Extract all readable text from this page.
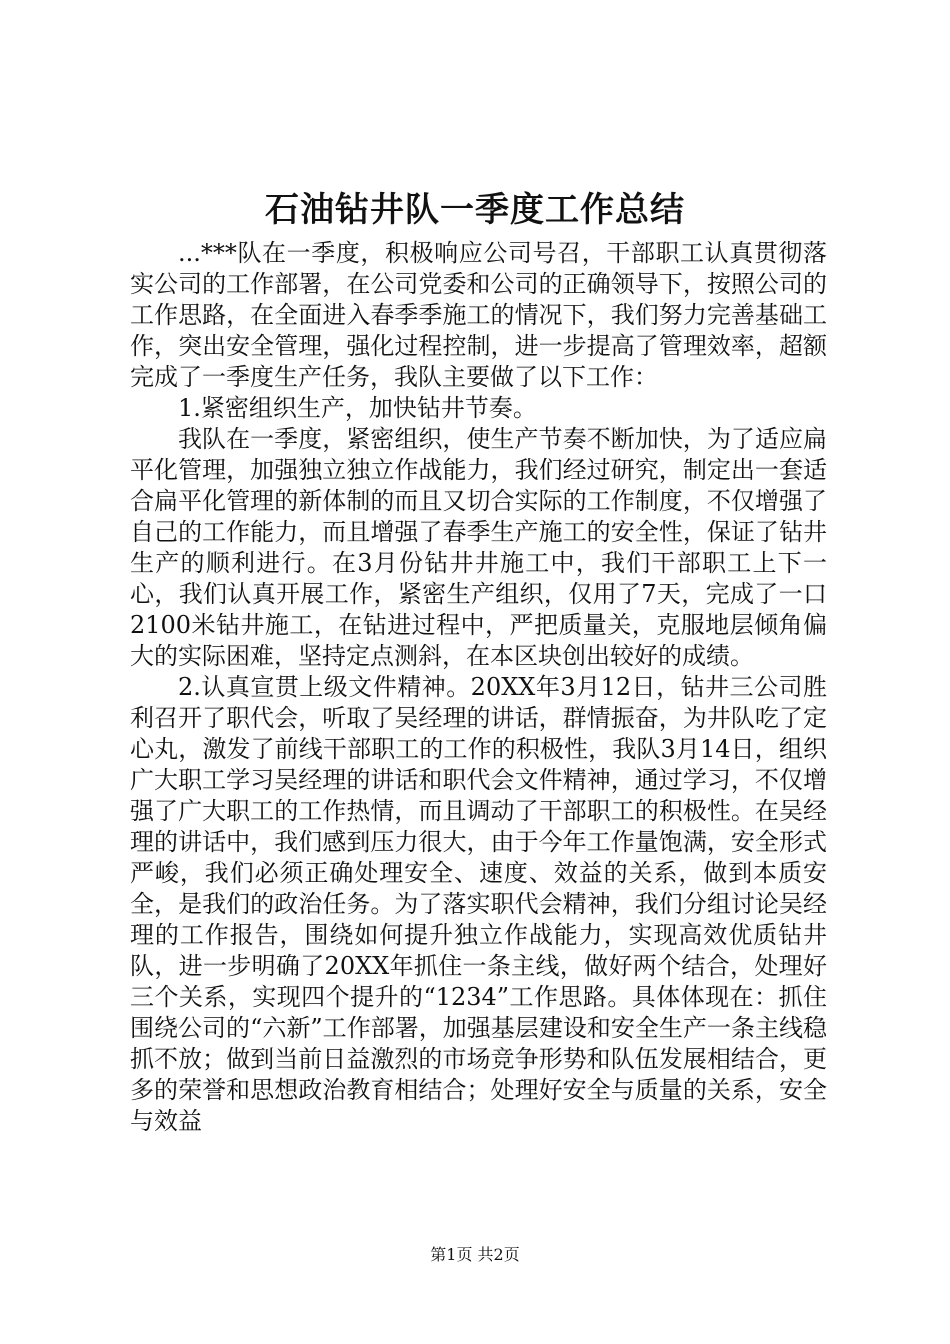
石油钻井队一季度工作总结

...***队在一季度，积极响应公司号召，干部职工认真贯彻落实公司的工作部署，在公司党委和公司的正确领导下，按照公司的工作思路，在全面进入春季季施工的情况下，我们努力完善基础工作，突出安全管理，强化过程控制，进一步提高了管理效率，超额完成了一季度生产任务，我队主要做了以下工作：

1.紧密组织生产，加快钻井节奏。

我队在一季度，紧密组织，使生产节奏不断加快，为了适应扁平化管理，加强独立独立作战能力，我们经过研究，制定出一套适合扁平化管理的新体制的而且又切合实际的工作制度，不仅增强了自己的工作能力，而且增强了春季生产施工的安全性，保证了钻井生产的顺利进行。在3月份钻井井施工中，我们干部职工上下一心，我们认真开展工作，紧密生产组织，仅用了7天，完成了一口2100米钻井施工，在钻进过程中，严把质量关，克服地层倾角偏大的实际困难，坚持定点测斜，在本区块创出较好的成绩。

2.认真宣贯上级文件精神。20XX年3月12日，钻井三公司胜利召开了职代会，听取了吴经理的讲话，群情振奋，为井队吃了定心丸，激发了前线干部职工的工作的积极性，我队3月14日，组织广大职工学习吴经理的讲话和职代会文件精神，通过学习，不仅增强了广大职工的工作热情，而且调动了干部职工的积极性。在吴经理的讲话中，我们感到压力很大，由于今年工作量饱满，安全形式严峻，我们必须正确处理安全、速度、效益的关系，做到本质安全，是我们的政治任务。为了落实职代会精神，我们分组讨论吴经理的工作报告，围绕如何提升独立作战能力，实现高效优质钻井队，进一步明确了20XX年抓住一条主线，做好两个结合，处理好三个关系，实现四个提升的“1234”工作思路。具体体现在：抓住围绕公司的“六新”工作部署，加强基层建设和安全生产一条主线稳抓不放；做到当前日益激烈的市场竞争形势和队伍发展相结合，更多的荣誉和思想政治教育相结合；处理好安全与质量的关系，安全与效益

第1页 共2页
